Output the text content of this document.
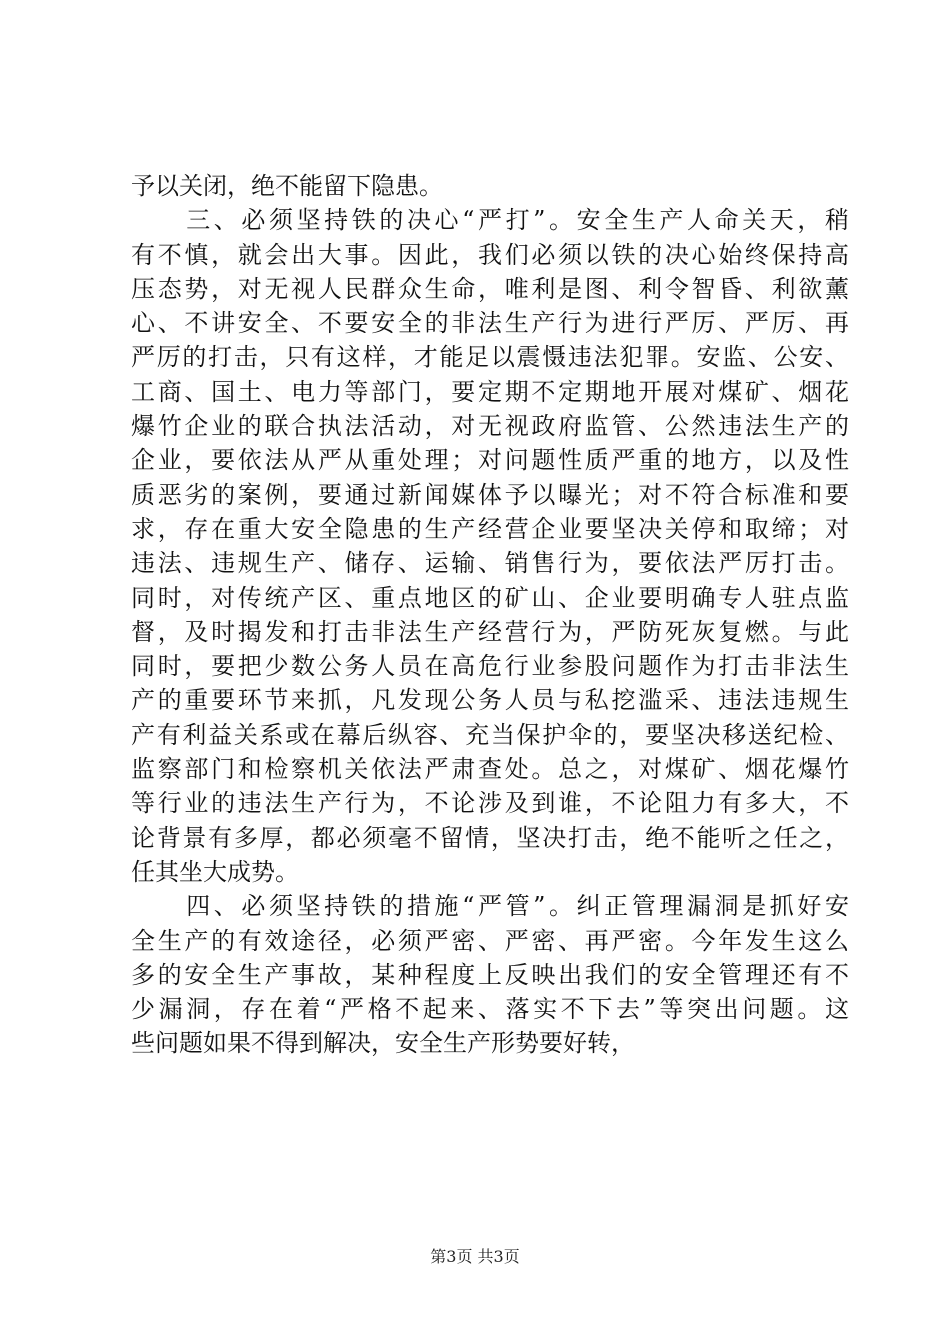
予以关闭，绝不能留下隐患。
　　三、必须坚持铁的决心“严打”。安全生产人命关天，稍
有不慎，就会出大事。因此，我们必须以铁的决心始终保持高
压态势，对无视人民群众生命，唯利是图、利令智昏、利欲薰
心、不讲安全、不要安全的非法生产行为进行严厉、严厉、再
严厉的打击，只有这样，才能足以震慑违法犯罪。安监、公安、
工商、国土、电力等部门，要定期不定期地开展对煤矿、烟花
爆竹企业的联合执法活动，对无视政府监管、公然违法生产的
企业，要依法从严从重处理；对问题性质严重的地方，以及性
质恶劣的案例，要通过新闻媒体予以曝光；对不符合标准和要
求，存在重大安全隐患的生产经营企业要坚决关停和取缔；对
违法、违规生产、储存、运输、销售行为，要依法严厉打击。
同时，对传统产区、重点地区的矿山、企业要明确专人驻点监
督，及时揭发和打击非法生产经营行为，严防死灰复燃。与此
同时，要把少数公务人员在高危行业参股问题作为打击非法生
产的重要环节来抓，凡发现公务人员与私挖滥采、违法违规生
产有利益关系或在幕后纵容、充当保护伞的，要坚决移送纪检、
监察部门和检察机关依法严肃查处。总之，对煤矿、烟花爆竹
等行业的违法生产行为，不论涉及到谁，不论阻力有多大，不
论背景有多厚，都必须毫不留情，坚决打击，绝不能听之任之，
任其坐大成势。
　　四、必须坚持铁的措施“严管”。纠正管理漏洞是抓好安
全生产的有效途径，必须严密、严密、再严密。今年发生这么
多的安全生产事故，某种程度上反映出我们的安全管理还有不
少漏洞，存在着“严格不起来、落实不下去”等突出问题。这
些问题如果不得到解决，安全生产形势要好转，
第3页 共3页
